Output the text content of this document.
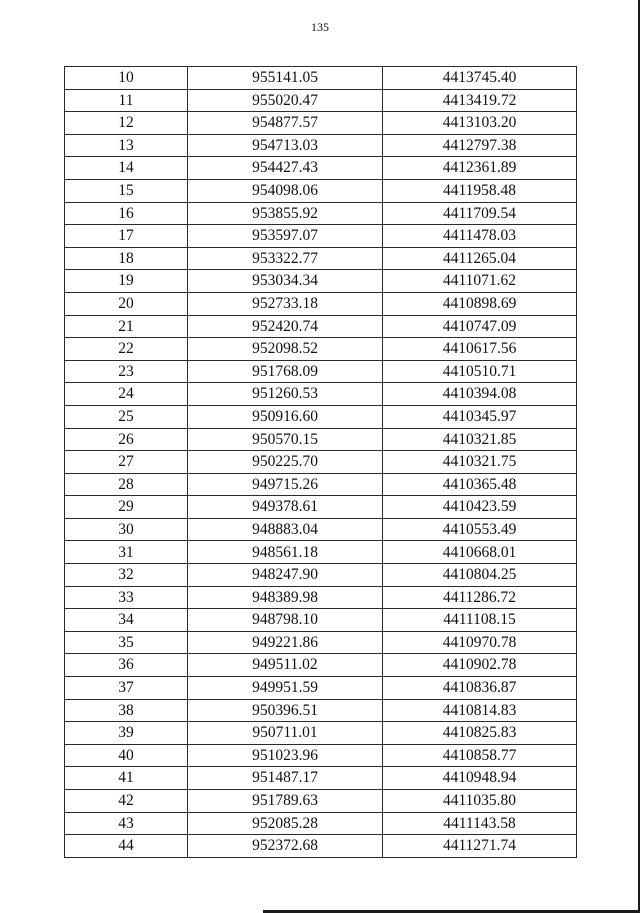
135
10	955141.05	4413745.40
11	955020.47	4413419.72
12	954877.57	4413103.20
13	954713.03	4412797.38
14	954427.43	4412361.89
15	954098.06	4411958.48
16	953855.92	4411709.54
17	953597.07	4411478.03
18	953322.77	4411265.04
19	953034.34	4411071.62
20	952733.18	4410898.69
21	952420.74	4410747.09
22	952098.52	4410617.56
23	951768.09	4410510.71
24	951260.53	4410394.08
25	950916.60	4410345.97
26	950570.15	4410321.85
27	950225.70	4410321.75
28	949715.26	4410365.48
29	949378.61	4410423.59
30	948883.04	4410553.49
31	948561.18	4410668.01
32	948247.90	4410804.25
33	948389.98	4411286.72
34	948798.10	4411108.15
35	949221.86	4410970.78
36	949511.02	4410902.78
37	949951.59	4410836.87
38	950396.51	4410814.83
39	950711.01	4410825.83
40	951023.96	4410858.77
41	951487.17	4410948.94
42	951789.63	4411035.80
43	952085.28	4411143.58
44	952372.68	4411271.74
